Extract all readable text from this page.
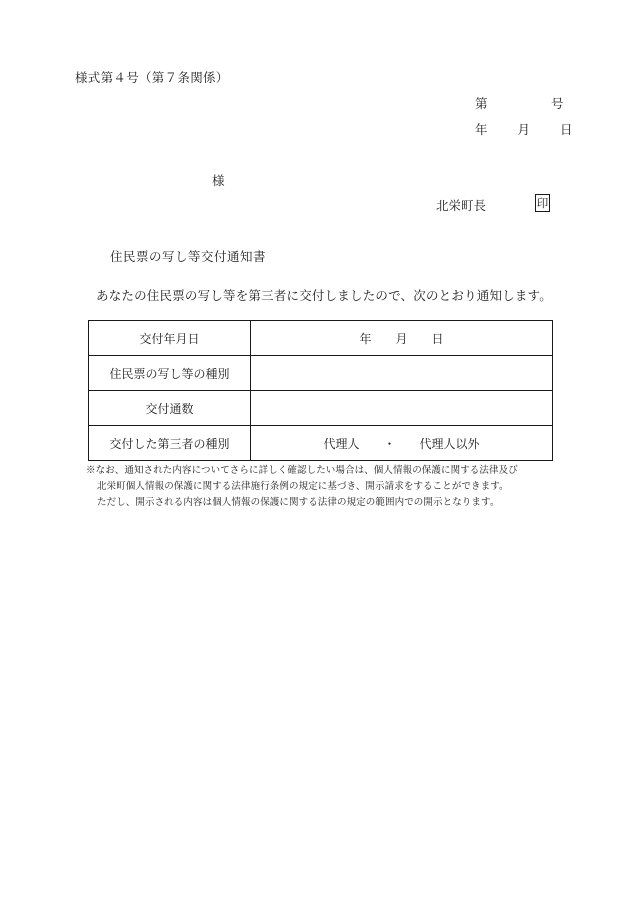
様式第４号（第７条関係）
第	号
年 月 日
様
北栄町長	印
住民票の写し等交付通知書
あなたの住民票の写し等を第三者に交付しましたので、次のとおり通知します。
交付年月日	年　　月　　日
住民票の写し等の種別	
交付通数	
交付した第三者の種別	代理人　　・　　代理人以外
※なお、通知された内容についてさらに詳しく確認したい場合は、個人情報の保護に関する法律及び
北栄町個人情報の保護に関する法律施行条例の規定に基づき、開示請求をすることができます。
ただし、開示される内容は個人情報の保護に関する法律の規定の範囲内での開示となります。
